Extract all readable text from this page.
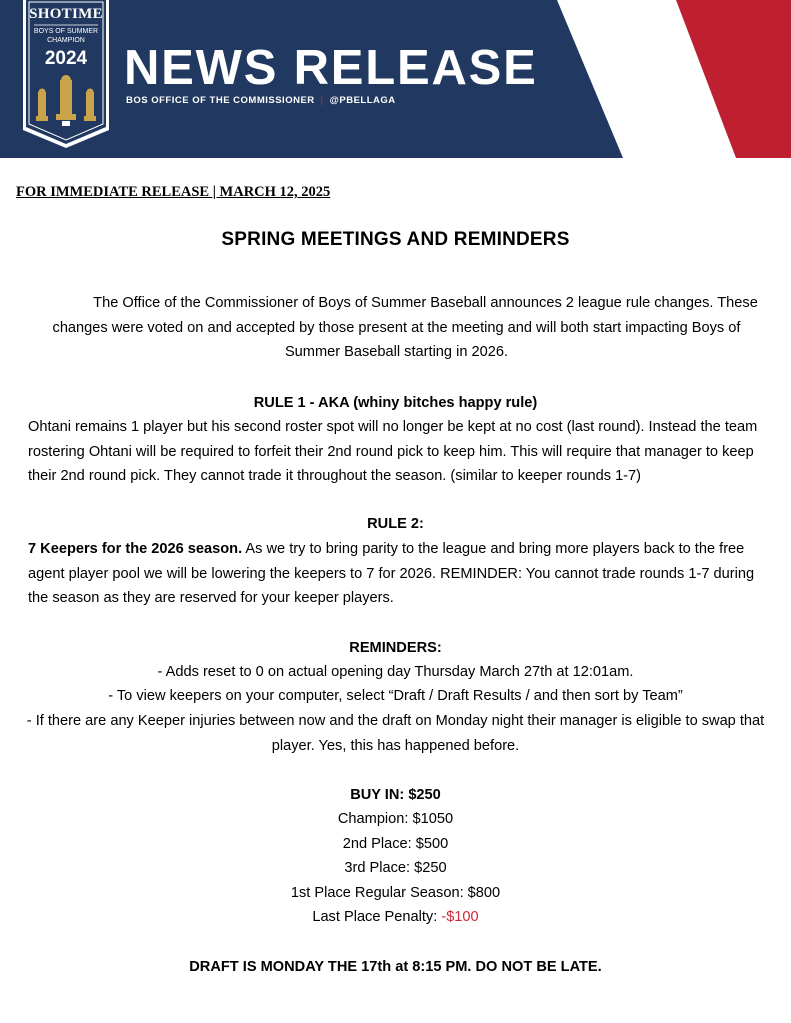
SHOTIME
BOYS OF SUMMER
CHAMPION
2024 NEWS RELEASE
BOS OFFICE OF THE COMMISSIONER | @PBELLAGA
FOR IMMEDIATE RELEASE | MARCH 12, 2025
SPRING MEETINGS AND REMINDERS
The Office of the Commissioner of Boys of Summer Baseball announces 2 league rule changes. These changes were voted on and accepted by those present at the meeting and will both start impacting Boys of Summer Baseball starting in 2026.
RULE 1 - AKA (whiny bitches happy rule)
Ohtani remains 1 player but his second roster spot will no longer be kept at no cost (last round). Instead the team rostering Ohtani will be required to forfeit their 2nd round pick to keep him. This will require that manager to keep their 2nd round pick. They cannot trade it throughout the season. (similar to keeper rounds 1-7)
RULE 2:
7 Keepers for the 2026 season. As we try to bring parity to the league and bring more players back to the free agent player pool we will be lowering the keepers to 7 for 2026. REMINDER: You cannot trade rounds 1-7 during the season as they are reserved for your keeper players.
REMINDERS:
- Adds reset to 0 on actual opening day Thursday March 27th at 12:01am.
- To view keepers on your computer, select “Draft / Draft Results / and then sort by Team”
- If there are any Keeper injuries between now and the draft on Monday night their manager is eligible to swap that player. Yes, this has happened before.
BUY IN: $250
Champion: $1050
2nd Place: $500
3rd Place: $250
1st Place Regular Season: $800
Last Place Penalty: -$100
DRAFT IS MONDAY THE 17th at 8:15 PM. DO NOT BE LATE.
